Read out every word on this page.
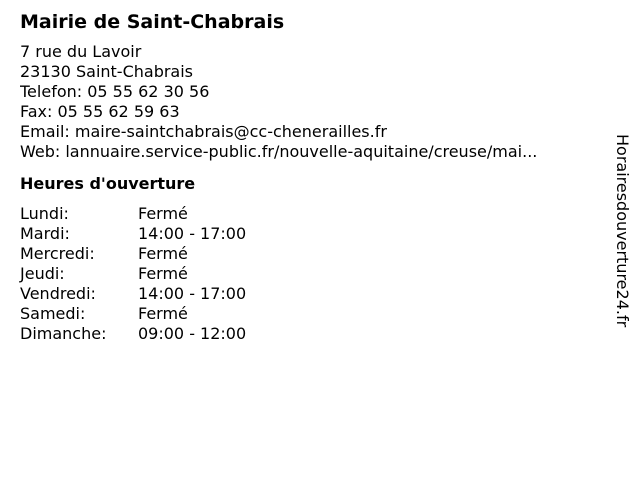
Mairie de Saint-Chabrais
7 rue du Lavoir
23130 Saint-Chabrais
Telefon: 05 55 62 30 56
Fax: 05 55 62 59 63
Email: maire-saintchabrais@cc-chenerailles.fr
Web: lannuaire.service-public.fr/nouvelle-aquitaine/creuse/mai...
Heures d'ouverture
Lundi:	Fermé
Mardi:	14:00 - 17:00
Mercredi:	Fermé
Jeudi:	Fermé
Vendredi:	14:00 - 17:00
Samedi:	Fermé
Dimanche:	09:00 - 12:00
Horairesdouverture24.fr
